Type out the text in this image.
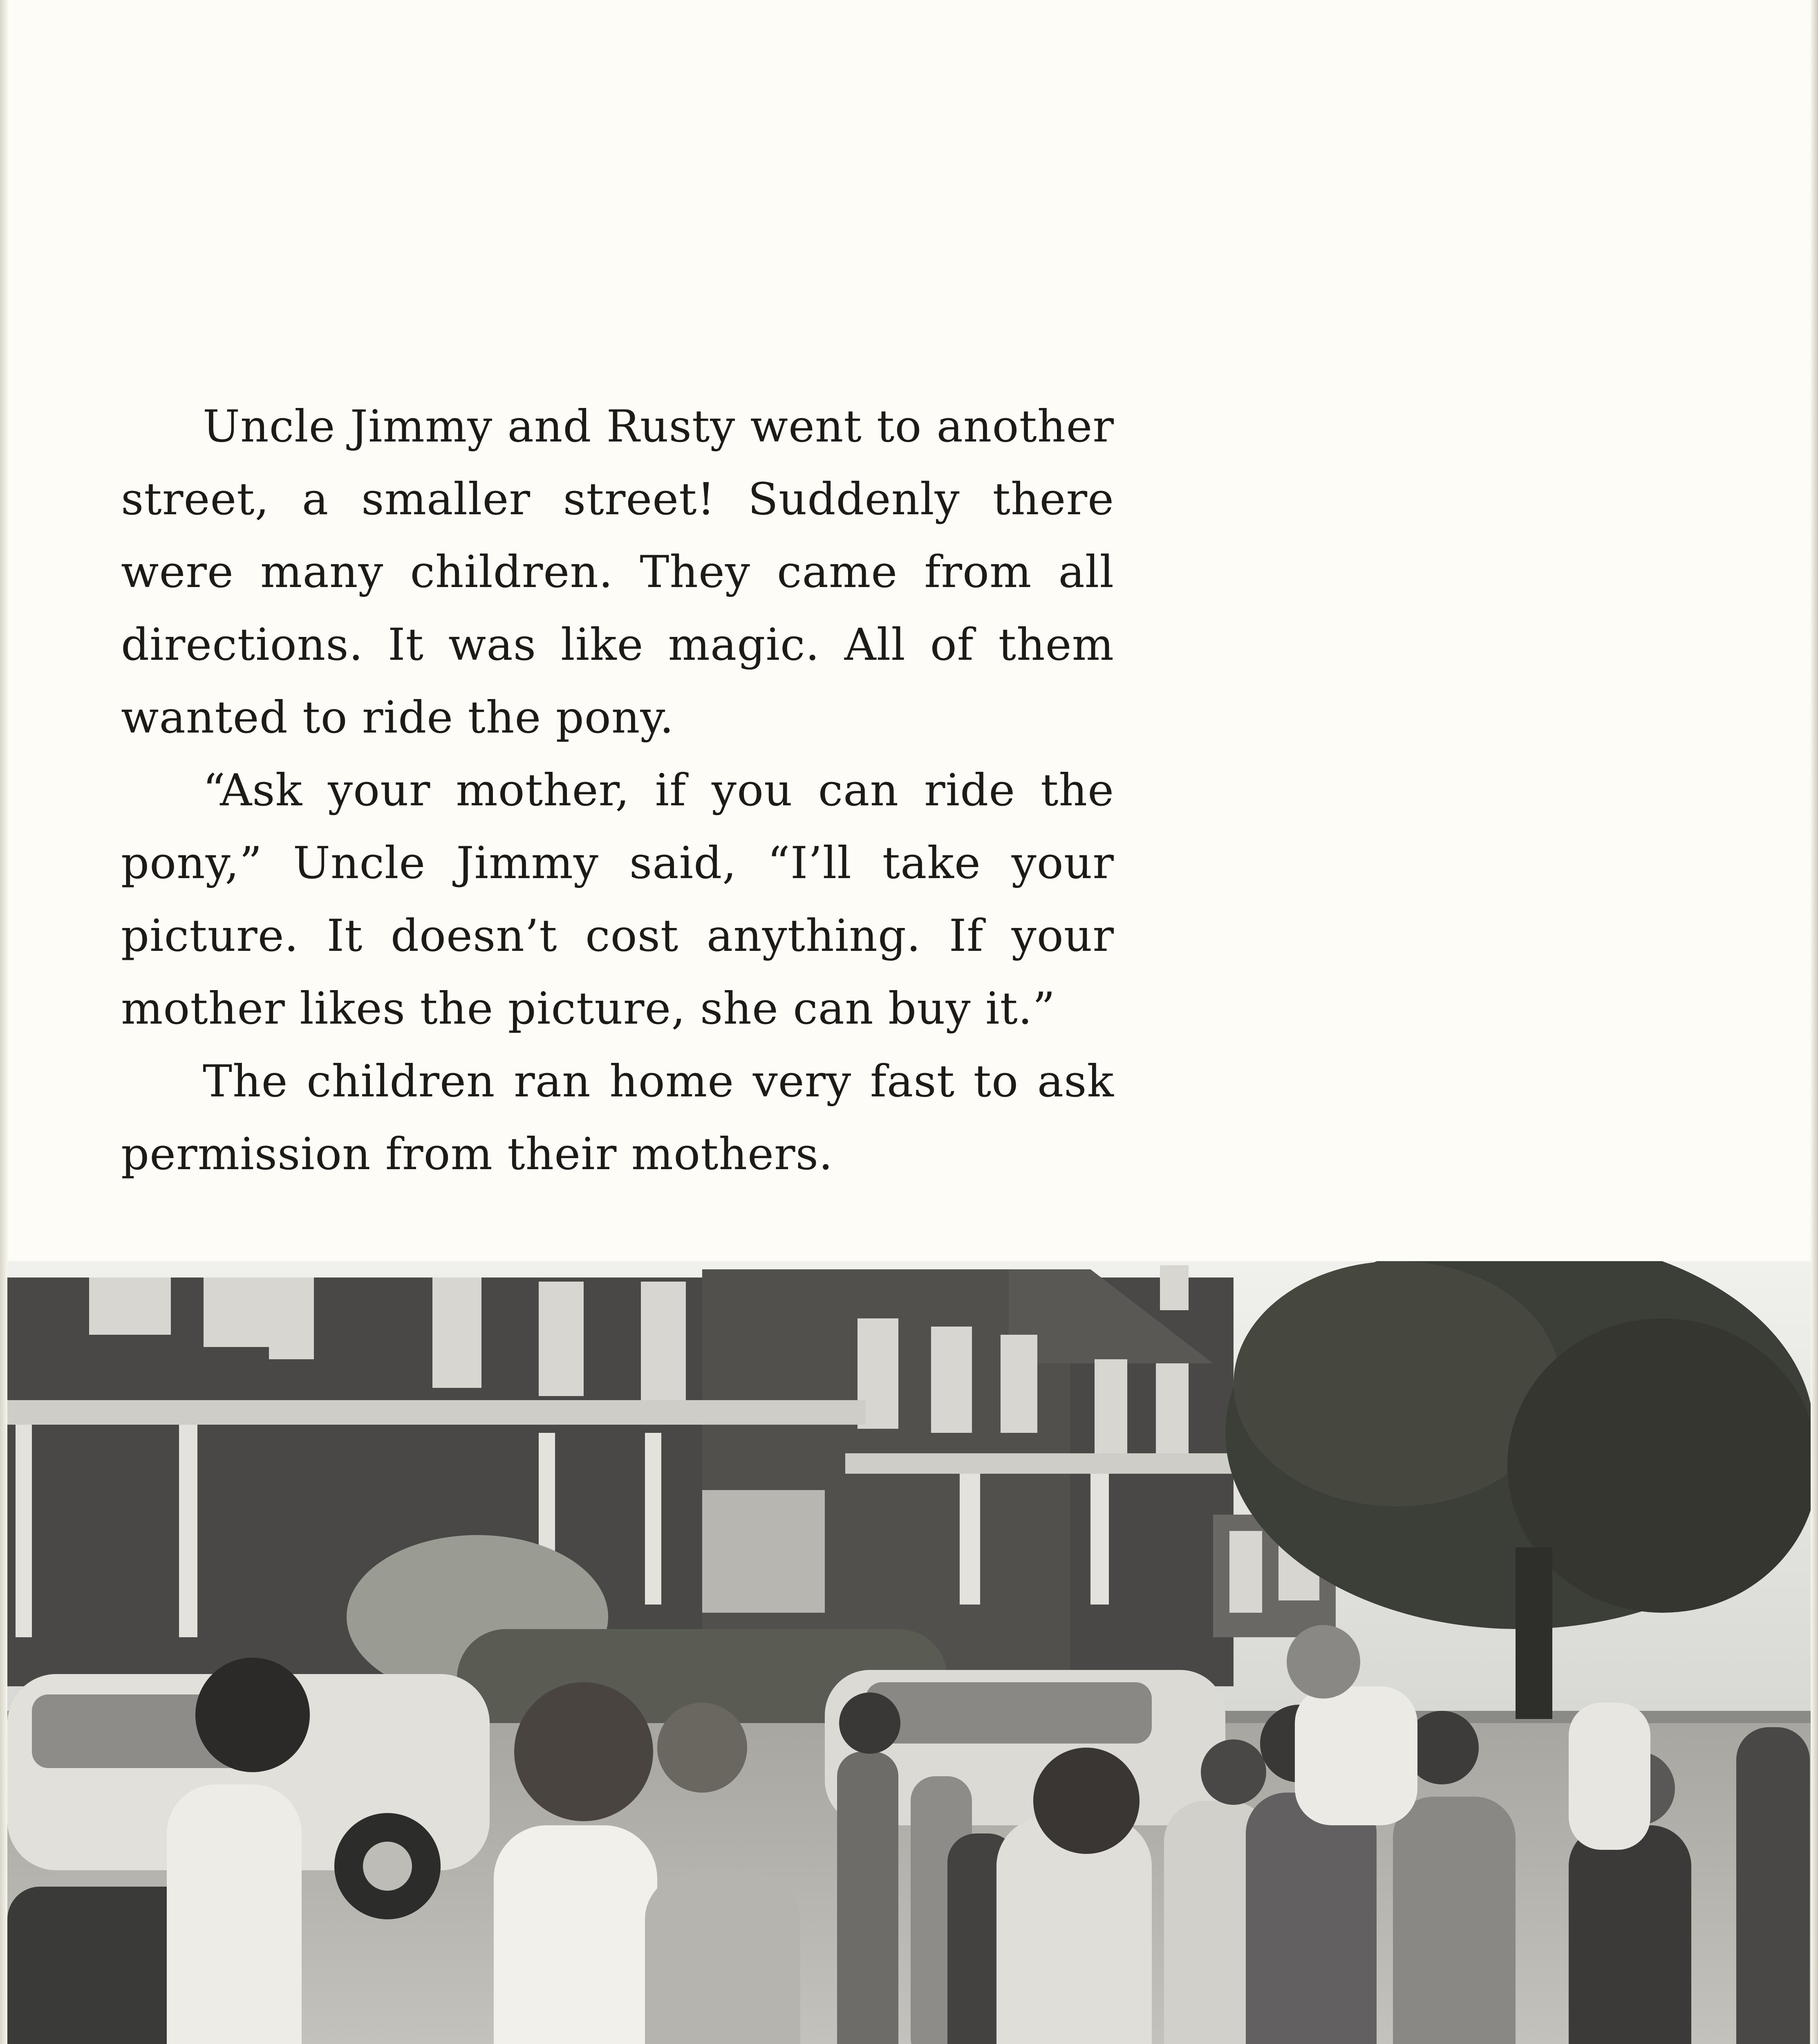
Uncle Jimmy and Rusty went to another street, a smaller street! Suddenly there were many children. They came from all directions. It was like magic. All of them wanted to ride the pony.

“Ask your mother, if you can ride the pony,” Uncle Jimmy said, “I’ll take your picture. It doesn’t cost anything. If your mother likes the picture, she can buy it.”

The children ran home very fast to ask permission from their mothers.
